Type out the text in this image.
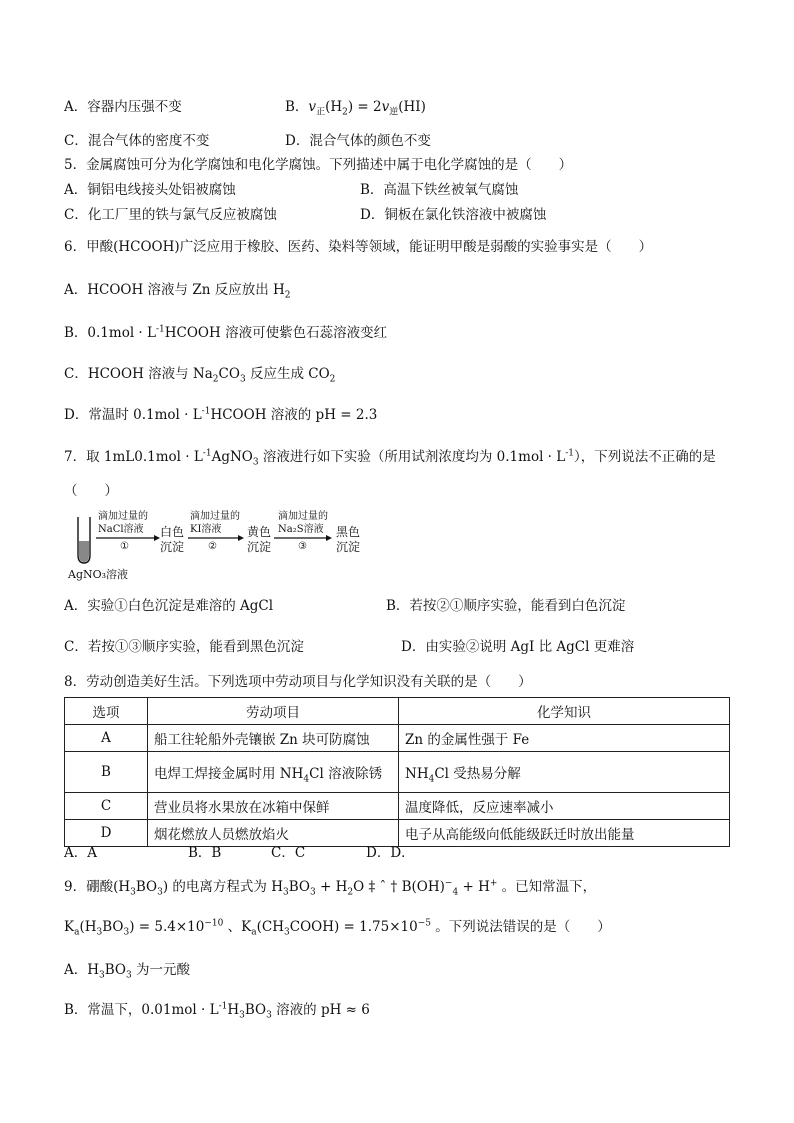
A．容器内压强不变	B．$v_正(H_2) = 2v_逆(HI)$
C．混合气体的密度不变	D．混合气体的颜色不变
5．金属腐蚀可分为化学腐蚀和电化学腐蚀。下列描述中属于电化学腐蚀的是（　　）
A．铜铝电线接头处铝被腐蚀	B．高温下铁丝被氧气腐蚀
C．化工厂里的铁与氯气反应被腐蚀	D．铜板在氯化铁溶液中被腐蚀
6．甲酸(HCOOH)广泛应用于橡胶、医药、染料等领域，能证明甲酸是弱酸的实验事实是（　　）
A．HCOOH 溶液与 Zn 反应放出 $H_2$
B．$0.1mol \cdot L^{-1}HCOOH$ 溶液可使紫色石蕊溶液变红
C．HCOOH 溶液与 $Na_2CO_3$ 反应生成 $CO_2$
D．常温时 $0.1mol \cdot L^{-1}HCOOH$ 溶液的 pH = 2.3
7．取 $1mL0.1mol \cdot L^{-1}AgNO_3$ 溶液进行如下实验（所用试剂浓度均为 $0.1mol \cdot L^{-1}$），下列说法不正确的是
（　　）
滴加过量的
NaCl溶液
①
白色
沉淀
滴加过量的
KI溶液
②
黄色
沉淀
滴加过量的
Na₂S溶液
③
黑色
沉淀
AgNO₃溶液
A．实验①白色沉淀是难溶的 AgCl	B．若按②①顺序实验，能看到白色沉淀
C．若按①③顺序实验，能看到黑色沉淀	D．由实验②说明 AgI 比 AgCl 更难溶
8．劳动创造美好生活。下列选项中劳动项目与化学知识没有关联的是（　　）
选项	劳动项目	化学知识
A	船工往轮船外壳镶嵌 Zn 块可防腐蚀	Zn 的金属性强于 Fe
B	电焊工焊接金属时用 $NH_4Cl$ 溶液除锈	$NH_4Cl$ 受热易分解
C	营业员将水果放在冰箱中保鲜	温度降低，反应速率减小
D	烟花燃放人员燃放焰火	电子从高能级向低能级跃迁时放出能量
A．A	B．B	C．C	D．D．
9．硼酸$(H_3BO_3)$ 的电离方程式为 $H_3BO_3 + H_2O$ ‡ ˆ † $B(OH)^-_4 + H^+$ 。已知常温下，
$K_a(H_3BO_3) = 5.4\times 10^{-10}$ 、$K_a(CH_3COOH) = 1.75\times 10^{-5}$ 。下列说法错误的是（　　）
A．$H_3BO_3$ 为一元酸
B．常温下，$0.01mol \cdot L^{-1}H_3BO_3$ 溶液的 pH ≈ 6
